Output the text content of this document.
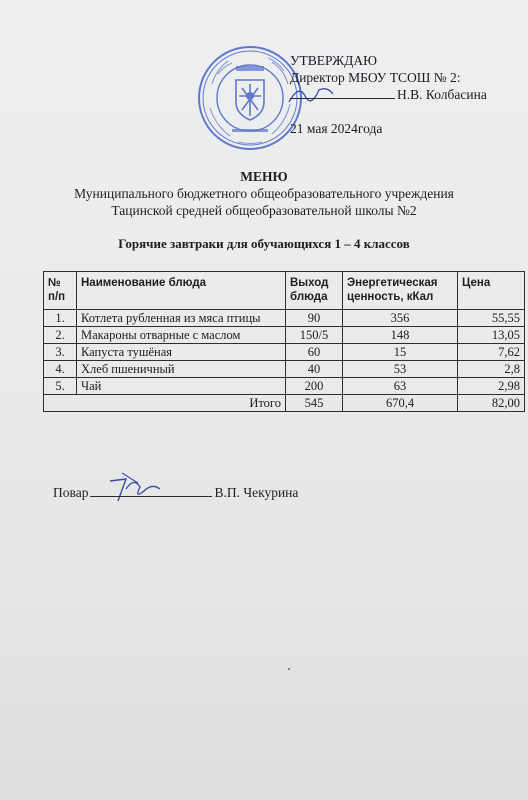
УТВЕРЖДАЮ
Директор МБОУ ТСОШ № 2:
Н.В. Колбасина
21 мая 2024года
МЕНЮ
Муниципального бюджетного общеобразовательного учреждения
Тацинской средней общеобразовательной школы №2
Горячие завтраки для обучающихся 1 – 4 классов
№ п/п	Наименование блюда	Выход блюда	Энергетическая ценность, кКал	Цена
1.	Котлета рубленная из мяса птицы	90	356	55,55
2.	Макароны отварные с маслом	150/5	148	13,05
3.	Капуста тушёная	60	15	7,62
4.	Хлеб пшеничный	40	53	2,8
5.	Чай	200	63	2,98
Итого		545	670,4	82,00
Повар	В.П. Чекурина
